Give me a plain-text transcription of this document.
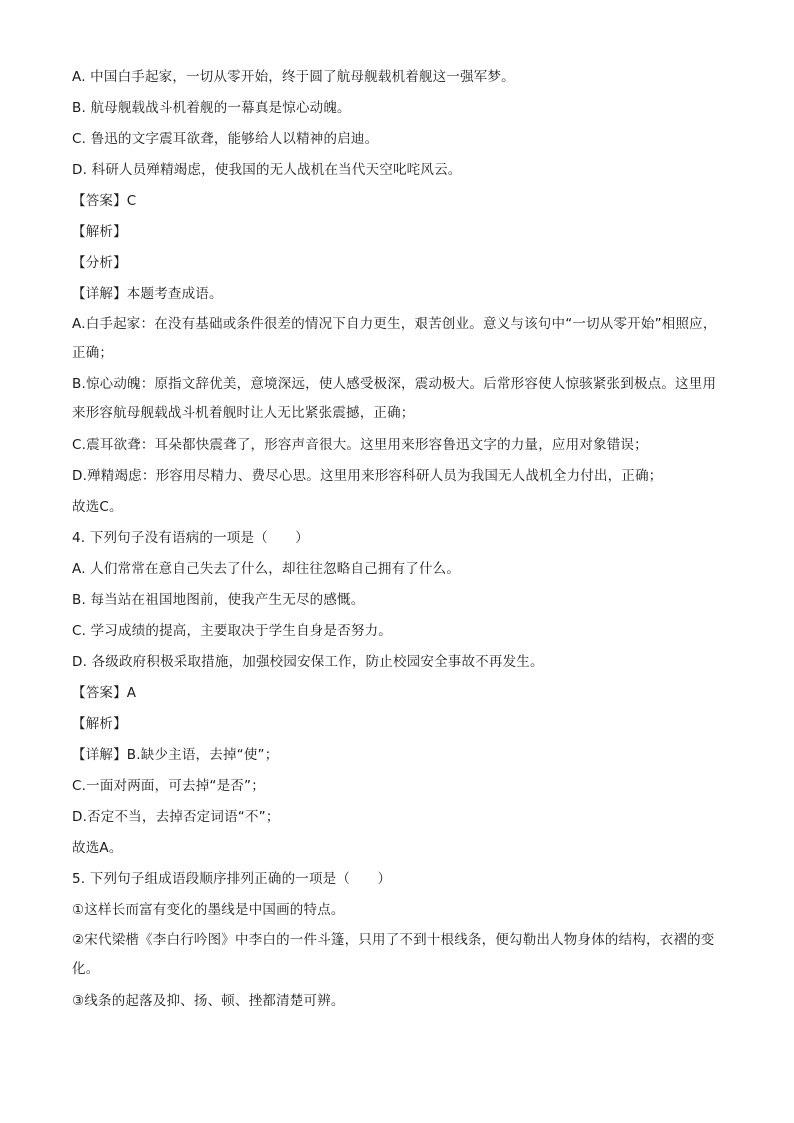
A. 中国白手起家，一切从零开始，终于圆了航母舰载机着舰这一强军梦。
B. 航母舰载战斗机着舰的一幕真是惊心动魄。
C. 鲁迅的文字震耳欲聋，能够给人以精神的启迪。
D. 科研人员殚精竭虑，使我国的无人战机在当代天空叱咤风云。
【答案】C
【解析】
【分析】
【详解】本题考查成语。
A.白手起家：在没有基础或条件很差的情况下自力更生，艰苦创业。意义与该句中“一切从零开始”相照应，正确；
B.惊心动魄：原指文辞优美，意境深远，使人感受极深，震动极大。后常形容使人惊骇紧张到极点。这里用来形容航母舰载战斗机着舰时让人无比紧张震撼，正确；
C.震耳欲聋：耳朵都快震聋了，形容声音很大。这里用来形容鲁迅文字的力量，应用对象错误；
D.殚精竭虑：形容用尽精力、费尽心思。这里用来形容科研人员为我国无人战机全力付出，正确；
故选C。
4. 下列句子没有语病的一项是（　　）
A. 人们常常在意自己失去了什么，却往往忽略自己拥有了什么。
B. 每当站在祖国地图前，使我产生无尽的感慨。
C. 学习成绩的提高，主要取决于学生自身是否努力。
D. 各级政府积极采取措施，加强校园安保工作，防止校园安全事故不再发生。
【答案】A
【解析】
【详解】B.缺少主语，去掉“使”；
C.一面对两面，可去掉“是否”；
D.否定不当，去掉否定词语“不”；
故选A。
5. 下列句子组成语段顺序排列正确的一项是（　　）
①这样长而富有变化的墨线是中国画的特点。
②宋代梁楷《李白行吟图》中李白的一件斗篷，只用了不到十根线条，便勾勒出人物身体的结构，衣褶的变化。
③线条的起落及抑、扬、顿、挫都清楚可辨。
